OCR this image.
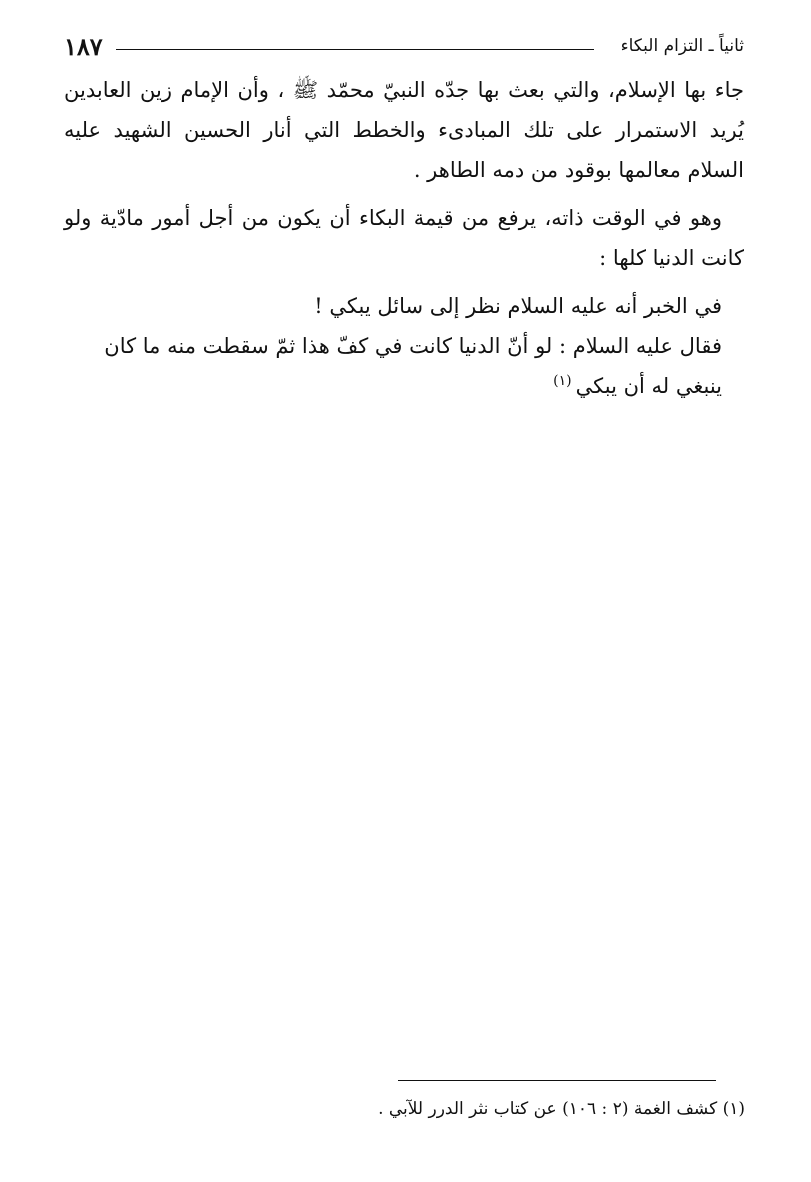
ثانياً ـ التزام البكاء
١٨٧

جاء بها الإسلام، والتي بعث بها جدّه النبيّ محمّد ﷺ ، وأن الإمام زين العابدين يُريد الاستمرار على تلك المبادىء والخطط التي أنار الحسين الشهيد عليه السلام معالمها بوقود من دمه الطاهر .

وهو في الوقت ذاته، يرفع من قيمة البكاء أن يكون من أجل أمور مادّية ولو كانت الدنيا كلها :

في الخبر أنه عليه السلام نظر إلى سائل يبكي !

فقال عليه السلام : لو أنّ الدنيا كانت في كفّ هذا ثمّ سقطت منه ما كان ينبغي له أن يبكي$^{(١)}$

(١) كشف الغمة (٢ : ١٠٦) عن كتاب نثر الدرر للآبي .
